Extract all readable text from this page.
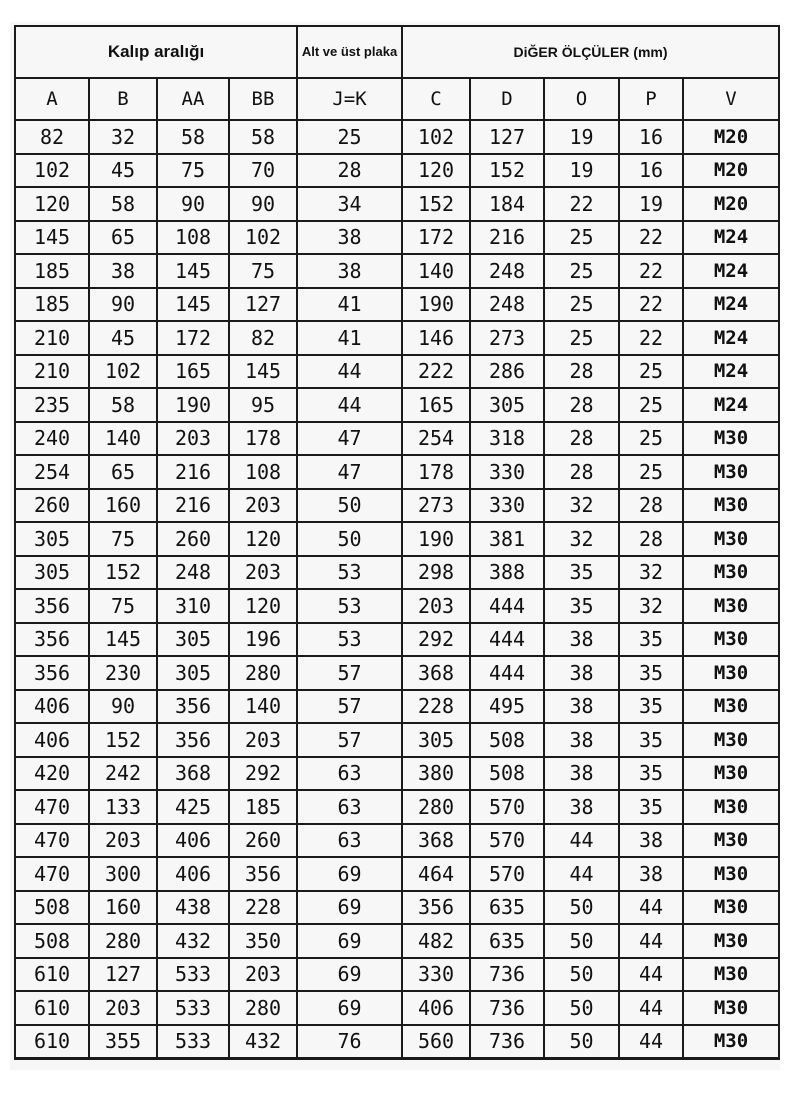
Kalıp aralığı				Alt ve üst plaka	DiĞER ÖLÇÜLER (mm)				
A	B	AA	BB	J=K	C	D	O	P	V
82	32	58	58	25	102	127	19	16	M20
102	45	75	70	28	120	152	19	16	M20
120	58	90	90	34	152	184	22	19	M20
145	65	108	102	38	172	216	25	22	M24
185	38	145	75	38	140	248	25	22	M24
185	90	145	127	41	190	248	25	22	M24
210	45	172	82	41	146	273	25	22	M24
210	102	165	145	44	222	286	28	25	M24
235	58	190	95	44	165	305	28	25	M24
240	140	203	178	47	254	318	28	25	M30
254	65	216	108	47	178	330	28	25	M30
260	160	216	203	50	273	330	32	28	M30
305	75	260	120	50	190	381	32	28	M30
305	152	248	203	53	298	388	35	32	M30
356	75	310	120	53	203	444	35	32	M30
356	145	305	196	53	292	444	38	35	M30
356	230	305	280	57	368	444	38	35	M30
406	90	356	140	57	228	495	38	35	M30
406	152	356	203	57	305	508	38	35	M30
420	242	368	292	63	380	508	38	35	M30
470	133	425	185	63	280	570	38	35	M30
470	203	406	260	63	368	570	44	38	M30
470	300	406	356	69	464	570	44	38	M30
508	160	438	228	69	356	635	50	44	M30
508	280	432	350	69	482	635	50	44	M30
610	127	533	203	69	330	736	50	44	M30
610	203	533	280	69	406	736	50	44	M30
610	355	533	432	76	560	736	50	44	M30
